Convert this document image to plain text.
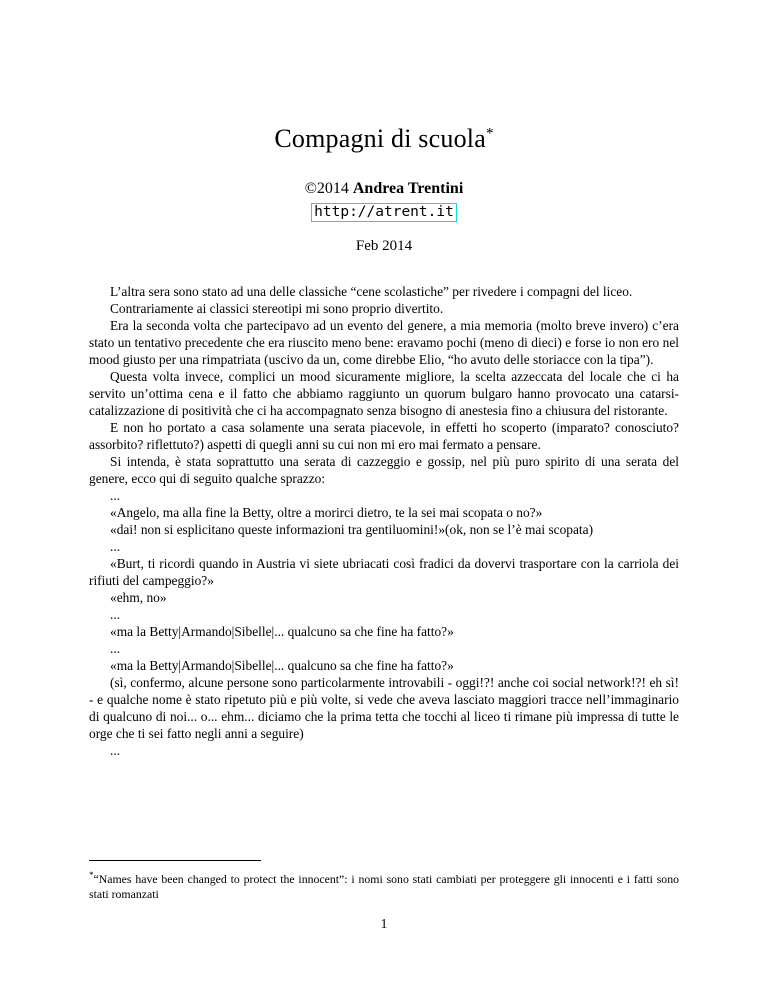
Compagni di scuola*
©2014 Andrea Trentini
http://atrent.it
Feb 2014

L’altra sera sono stato ad una delle classiche “cene scolastiche” per rivedere i compagni del liceo.

Contrariamente ai classici stereotipi mi sono proprio divertito.

Era la seconda volta che partecipavo ad un evento del genere, a mia memoria (molto breve invero) c’era stato un tentativo precedente che era riuscito meno bene: eravamo pochi (meno di dieci) e forse io non ero nel mood giusto per una rimpatriata (uscivo da un, come direbbe Elio, “ho avuto delle storiacce con la tipa”).

Questa volta invece, complici un mood sicuramente migliore, la scelta azzeccata del locale che ci ha servito un’ottima cena e il fatto che abbiamo raggiunto un quorum bulgaro hanno provocato una catarsi-catalizzazione di positività che ci ha accompagnato senza bisogno di anestesia fino a chiusura del ristorante.

E non ho portato a casa solamente una serata piacevole, in effetti ho scoperto (imparato? conosciuto? assorbito? riflettuto?) aspetti di quegli anni su cui non mi ero mai fermato a pensare.

Si intenda, è stata soprattutto una serata di cazzeggio e gossip, nel più puro spirito di una serata del genere, ecco qui di seguito qualche sprazzo:

...

«Angelo, ma alla fine la Betty, oltre a morirci dietro, te la sei mai scopata o no?»

«dai! non si esplicitano queste informazioni tra gentiluomini!»(ok, non se l’è mai scopata)

...

«Burt, ti ricordi quando in Austria vi siete ubriacati così fradici da dovervi trasportare con la carriola dei rifiuti del campeggio?»

«ehm, no»

...

«ma la Betty|Armando|Sibelle|... qualcuno sa che fine ha fatto?»

...

«ma la Betty|Armando|Sibelle|... qualcuno sa che fine ha fatto?»

(sì, confermo, alcune persone sono particolarmente introvabili - oggi!?! anche coi social network!?! eh sì! - e qualche nome è stato ripetuto più e più volte, si vede che aveva lasciato maggiori tracce nell’immaginario di qualcuno di noi... o... ehm... diciamo che la prima tetta che tocchi al liceo ti rimane più impressa di tutte le orge che ti sei fatto negli anni a seguire)

...

*“Names have been changed to protect the innocent”: i nomi sono stati cambiati per proteggere gli innocenti e i fatti sono stati romanzati
1
